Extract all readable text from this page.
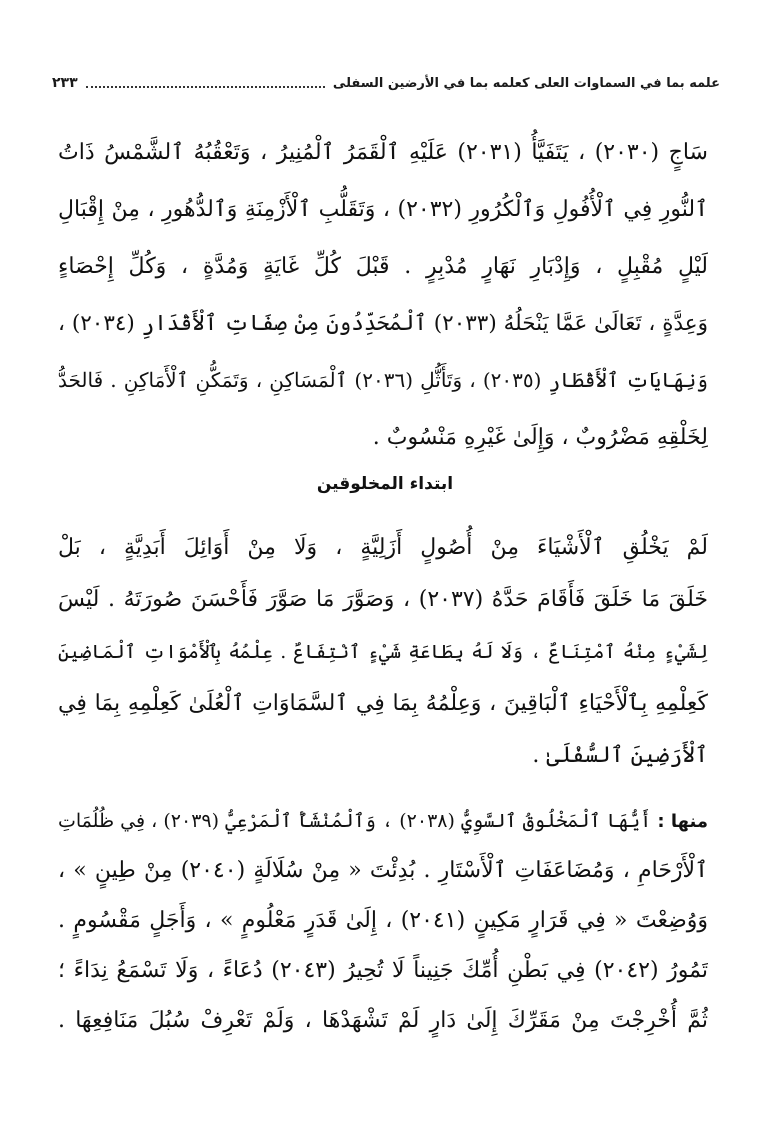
علمه بما في السماوات العلى كعلمه بما في الأرضين السفلى
٢٣٣
سَاجٍ (٢٠٣٠) ، يَتَفَيَّأُ (٢٠٣١) عَلَيْهِ ٱلْقَمَرُ ٱلْمُنِيرُ ، وَتَعْقُبُهُ ٱلشَّمْسُ ذَاتُ
ٱلنُّورِ فِي ٱلْأُفُولِ وَٱلْكُرُورِ (٢٠٣٢) ، وَتَقَلُّبِ ٱلْأَزْمِنَةِ وَٱلدُّهُورِ ، مِنْ إِقْبَالِ
لَيْلٍ مُقْبِلٍ ، وَإِدْبَارِ نَهَارٍ مُدْبِرٍ . قَبْلَ كُلِّ غَايَةٍ وَمُدَّةٍ ، وَكُلِّ إِحْصَاءٍ
وَعِدَّةٍ ، تَعَالَىٰ عَمَّا يَنْحَلُهُ (٢٠٣٣) ٱلْمُحَدِّدُونَ مِنْ صِفَاتِ ٱلْأَقْدَارِ (٢٠٣٤) ،
وَنِهَايَاتِ ٱلْأَقْطَارِ (٢٠٣٥) ، وَتَأَثُّلِ (٢٠٣٦) ٱلْمَسَاكِنِ ، وَتَمَكُّنِ ٱلْأَمَاكِنِ . فَالحَدُّ
لِخَلْقِهِ مَضْرُوبٌ ، وَإِلَىٰ غَيْرِهِ مَنْسُوبٌ .
ابتداء المخلوقين
لَمْ يَخْلُقِ ٱلْأَشْيَاءَ مِنْ أُصُولٍ أَزَلِيَّةٍ ، وَلَا مِنْ أَوَائِلَ أَبَدِيَّةٍ ، بَلْ
خَلَقَ مَا خَلَقَ فَأَقَامَ حَدَّهُ (٢٠٣٧) ، وَصَوَّرَ مَا صَوَّرَ فَأَحْسَنَ صُورَتَهُ . لَيْسَ
لِشَيْءٍ مِنْهُ ٱمْتِنَاعٌ ، وَلَا لَهُ بِطَاعَةِ شَيْءٍ ٱنْتِفَاعٌ . عِلْمُهُ بِٱلْأَمْوَاتِ ٱلْمَاضِينَ
كَعِلْمِهِ بِٱلْأَحْيَاءِ ٱلْبَاقِينَ ، وَعِلْمُهُ بِمَا فِي ٱلسَّمَاوَاتِ ٱلْعُلَىٰ كَعِلْمِهِ بِمَا فِي
ٱلْأَرَضِينَ ٱلسُّفْلَىٰ .
منها : أَيُّهَا ٱلْمَخْلُوقُ ٱلسَّوِيُّ (٢٠٣٨) ، وَٱلْمُنْشَأُ ٱلْمَرْعِيُّ (٢٠٣٩) ، فِي ظُلُمَاتِ
ٱلْأَرْحَامِ ، وَمُضَاعَفَاتِ ٱلْأَسْتَارِ . بُدِئْتَ « مِنْ سُلَالَةٍ (٢٠٤٠) مِنْ طِينٍ » ،
وَوُضِعْتَ « فِي قَرَارٍ مَكِينٍ (٢٠٤١) ، إِلَىٰ قَدَرٍ مَعْلُومٍ » ، وَأَجَلٍ مَقْسُومٍ .
تَمُورُ (٢٠٤٢) فِي بَطْنِ أُمِّكَ جَنِيناً لَا تُحِيرُ (٢٠٤٣) دُعَاءً ، وَلَا تَسْمَعُ نِدَاءً ؛
ثُمَّ أُخْرِجْتَ مِنْ مَقَرِّكَ إِلَىٰ دَارٍ لَمْ تَشْهَدْهَا ، وَلَمْ تَعْرِفْ سُبُلَ مَنَافِعِهَا .
